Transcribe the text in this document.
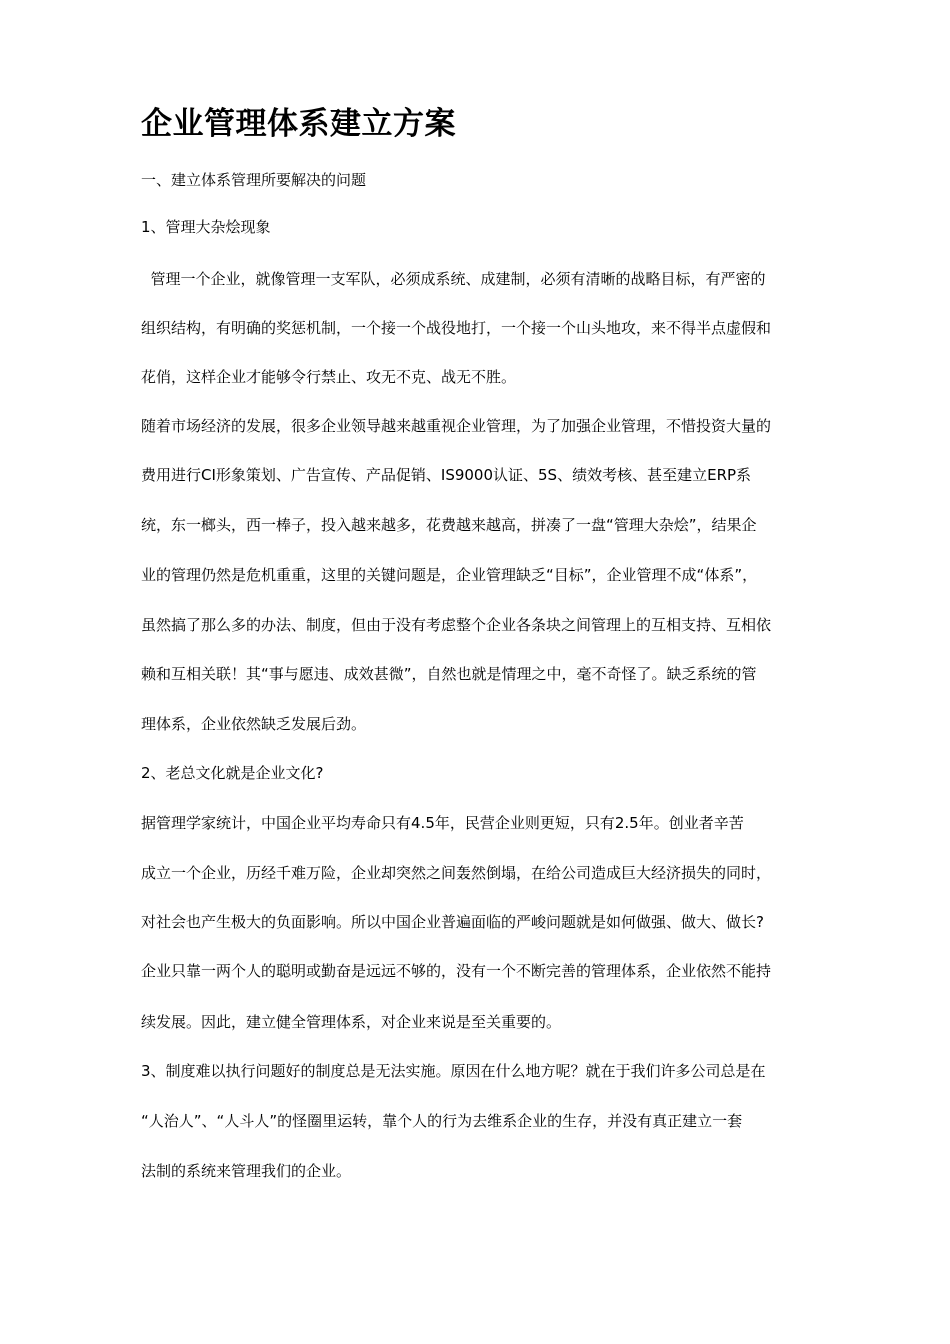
企业管理体系建立方案

一、建立体系管理所要解决的问题

1、管理大杂烩现象

管理一个企业，就像管理一支军队，必须成系统、成建制，必须有清晰的战略目标，有严密的

组织结构，有明确的奖惩机制，一个接一个战役地打，一个接一个山头地攻，来不得半点虚假和

花俏，这样企业才能够令行禁止、攻无不克、战无不胜。

随着市场经济的发展，很多企业领导越来越重视企业管理，为了加强企业管理，不惜投资大量的

费用进行CI形象策划、广告宣传、产品促销、IS9000认证、5S、绩效考核、甚至建立ERP系

统，东一榔头，西一棒子，投入越来越多，花费越来越高，拼凑了一盘“管理大杂烩”，结果企

业的管理仍然是危机重重，这里的关键问题是，企业管理缺乏“目标”，企业管理不成“体系”，

虽然搞了那么多的办法、制度，但由于没有考虑整个企业各条块之间管理上的互相支持、互相依

赖和互相关联！其“事与愿违、成效甚微”，自然也就是情理之中，毫不奇怪了。缺乏系统的管

理体系，企业依然缺乏发展后劲。

2、老总文化就是企业文化?

据管理学家统计，中国企业平均寿命只有4.5年，民营企业则更短，只有2.5年。创业者辛苦

成立一个企业，历经千难万险，企业却突然之间轰然倒塌，在给公司造成巨大经济损失的同时，

对社会也产生极大的负面影响。所以中国企业普遍面临的严峻问题就是如何做强、做大、做长?

企业只靠一两个人的聪明或勤奋是远远不够的，没有一个不断完善的管理体系，企业依然不能持

续发展。因此，建立健全管理体系，对企业来说是至关重要的。

3、制度难以执行问题好的制度总是无法实施。原因在什么地方呢？就在于我们许多公司总是在

“人治人”、“人斗人”的怪圈里运转，靠个人的行为去维系企业的生存，并没有真正建立一套

法制的系统来管理我们的企业。
